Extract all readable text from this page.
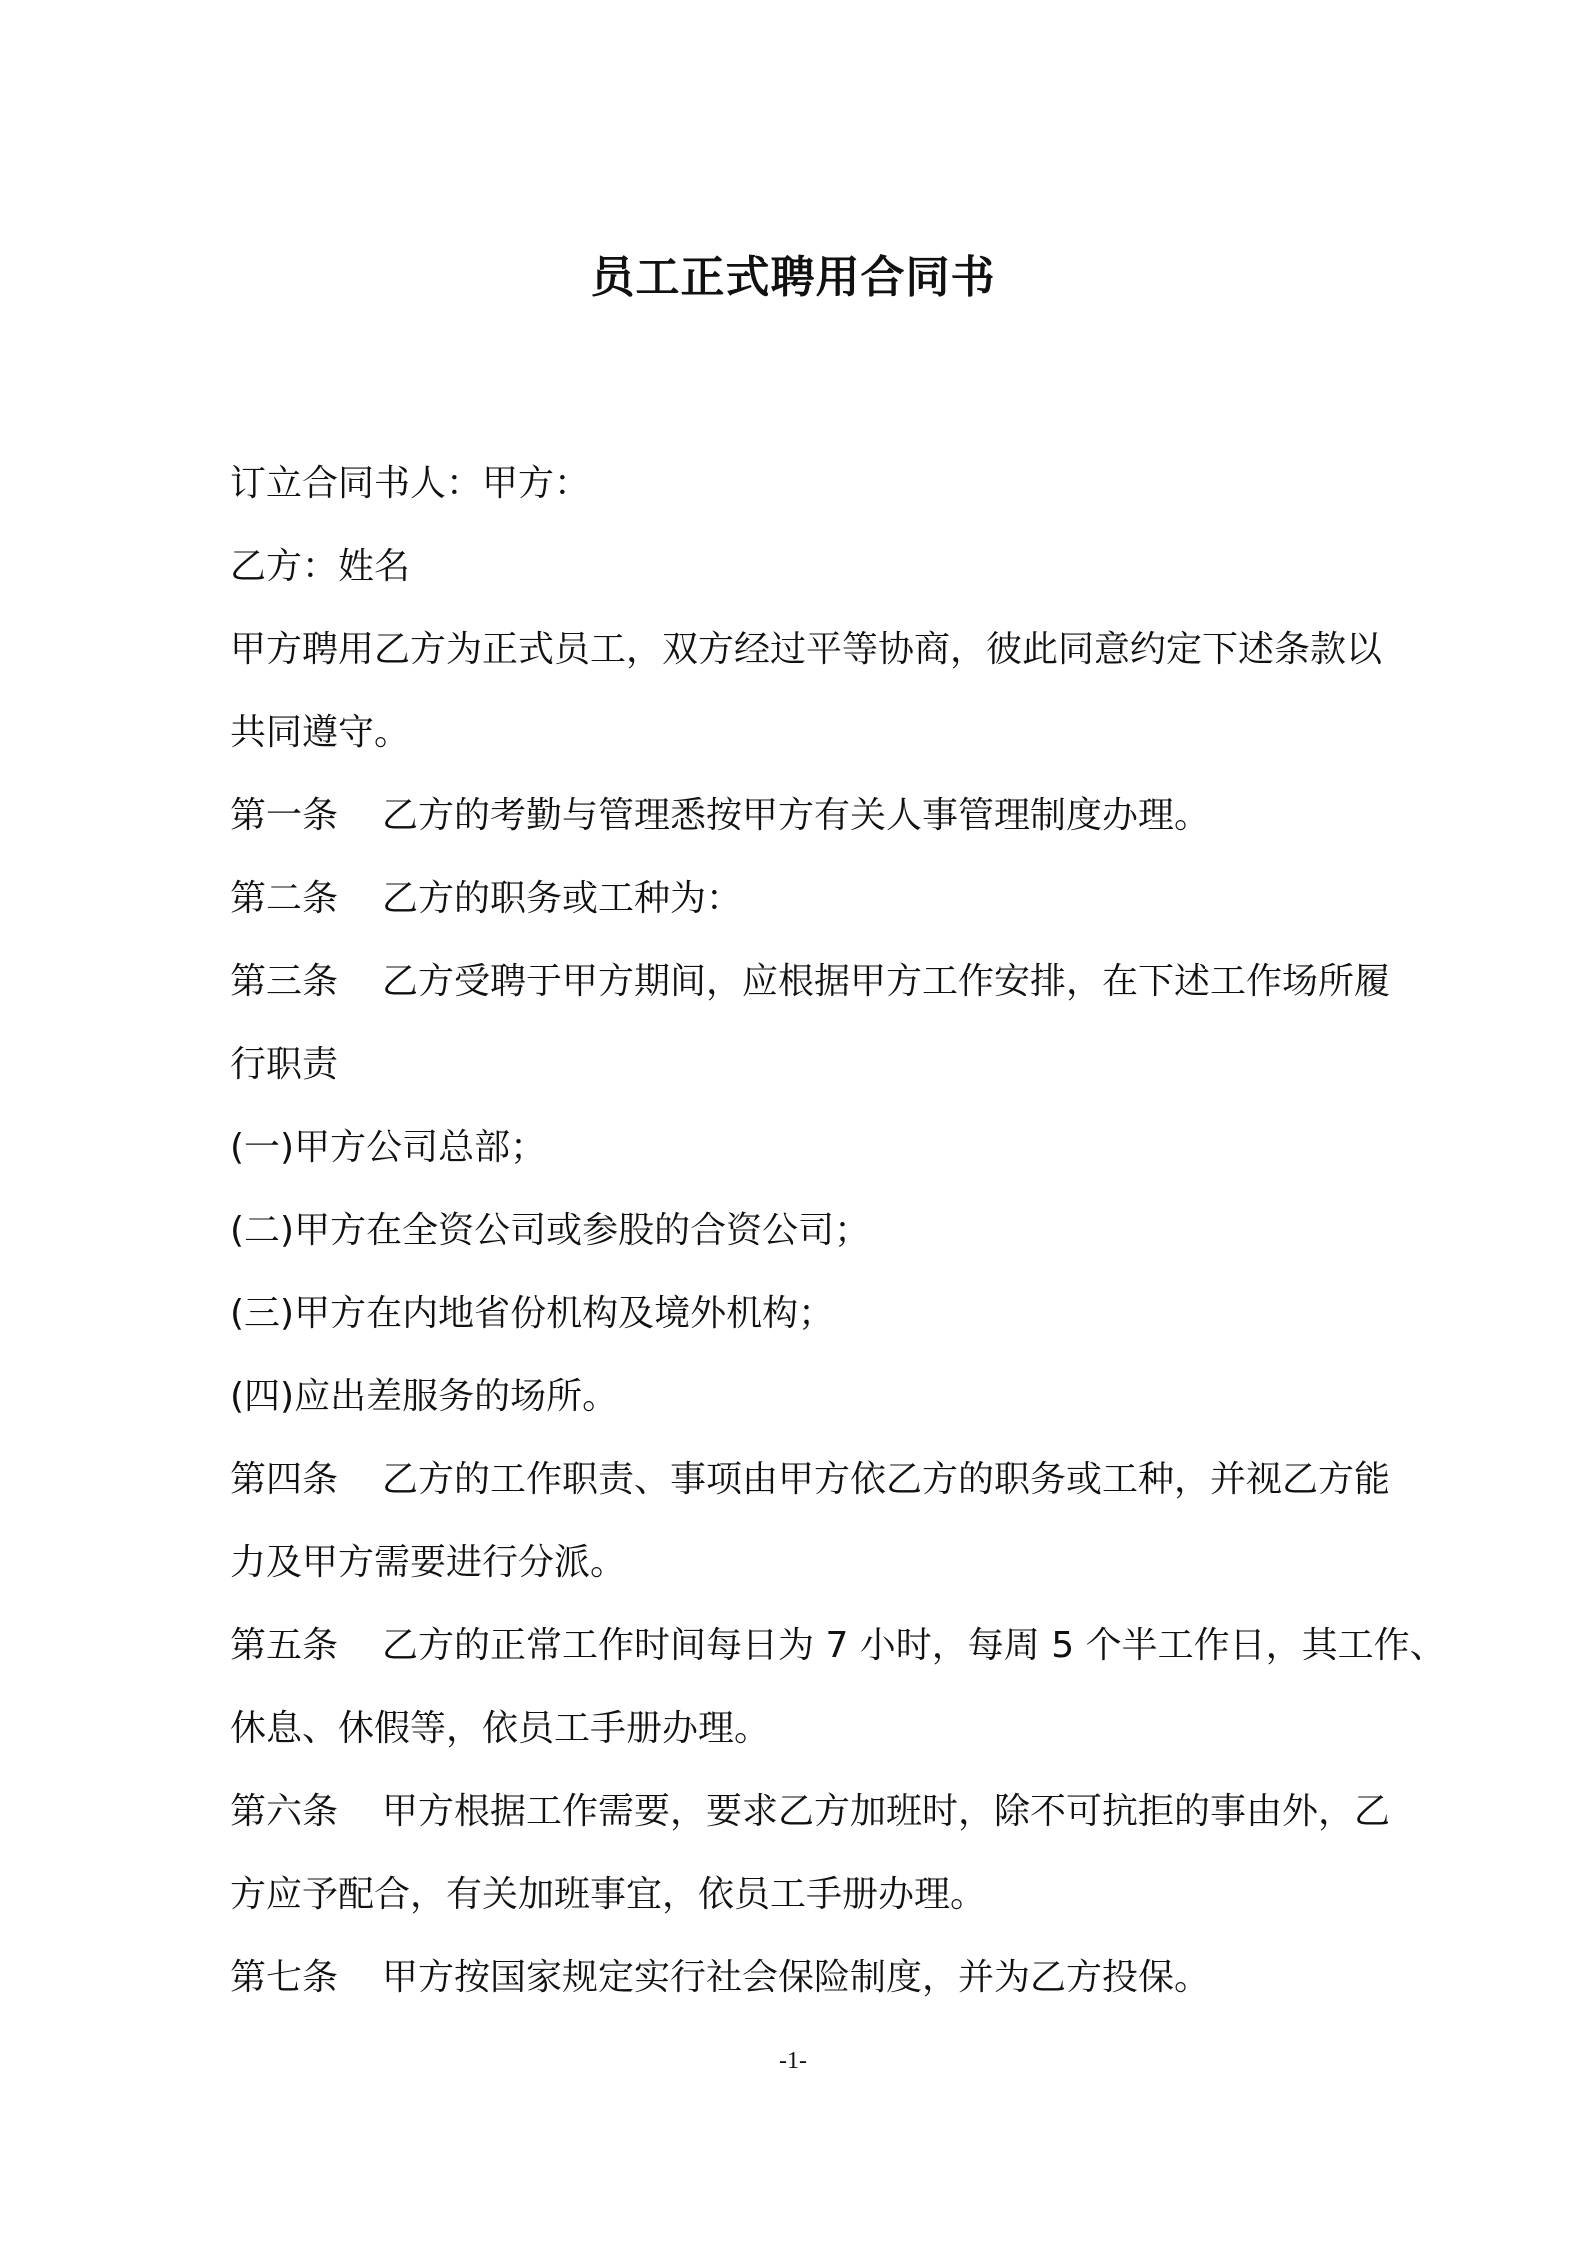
员工正式聘用合同书
订立合同书人：甲方：
乙方：姓名
甲方聘用乙方为正式员工，双方经过平等协商，彼此同意约定下述条款以
共同遵守。
第一条 乙方的考勤与管理悉按甲方有关人事管理制度办理。
第二条 乙方的职务或工种为：
第三条 乙方受聘于甲方期间，应根据甲方工作安排，在下述工作场所履
行职责
(一)甲方公司总部；
(二)甲方在全资公司或参股的合资公司；
(三)甲方在内地省份机构及境外机构；
(四)应出差服务的场所。
第四条 乙方的工作职责、事项由甲方依乙方的职务或工种，并视乙方能
力及甲方需要进行分派。
第五条 乙方的正常工作时间每日为 7 小时，每周 5 个半工作日，其工作、
休息、休假等，依员工手册办理。
第六条 甲方根据工作需要，要求乙方加班时，除不可抗拒的事由外，乙
方应予配合，有关加班事宜，依员工手册办理。
第七条 甲方按国家规定实行社会保险制度，并为乙方投保。
-1-
